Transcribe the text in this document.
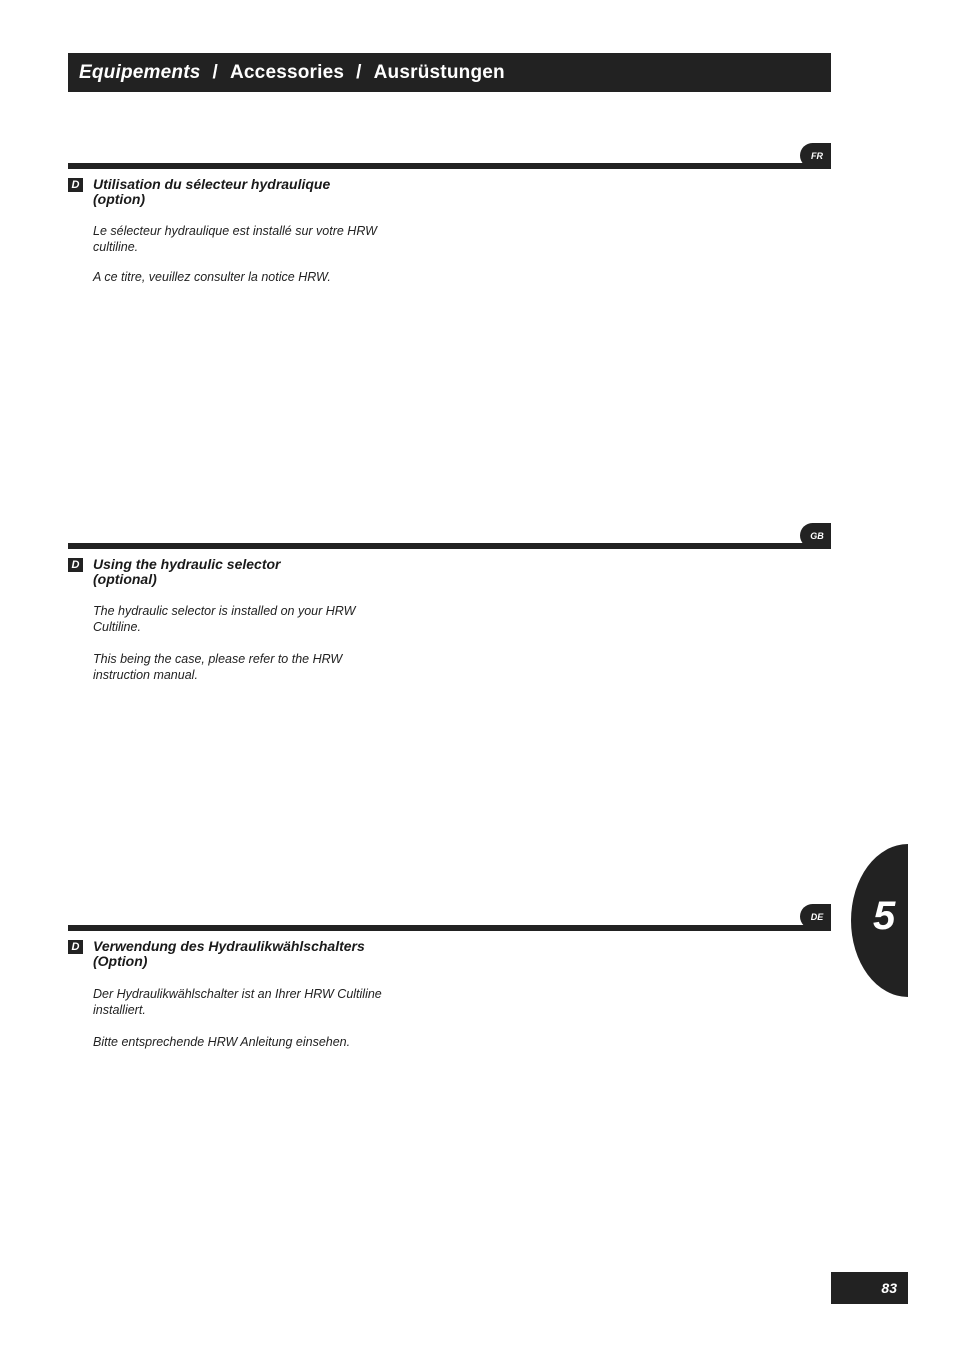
Equipements / Accessories / Ausrüstungen
FR
D Utilisation du sélecteur hydraulique
(option)
Le sélecteur hydraulique est installé sur votre HRW
cultiline.
A ce titre, veuillez consulter la notice HRW.
GB
D Using the hydraulic selector
(optional)
The hydraulic selector is installed on your HRW
Cultiline.
This being the case, please refer to the HRW
instruction manual.
DE
D Verwendung des Hydraulikwählschalters
(Option)
Der Hydraulikwählschalter ist an Ihrer HRW Cultiline
installiert.
Bitte entsprechende HRW Anleitung einsehen.
5
83
